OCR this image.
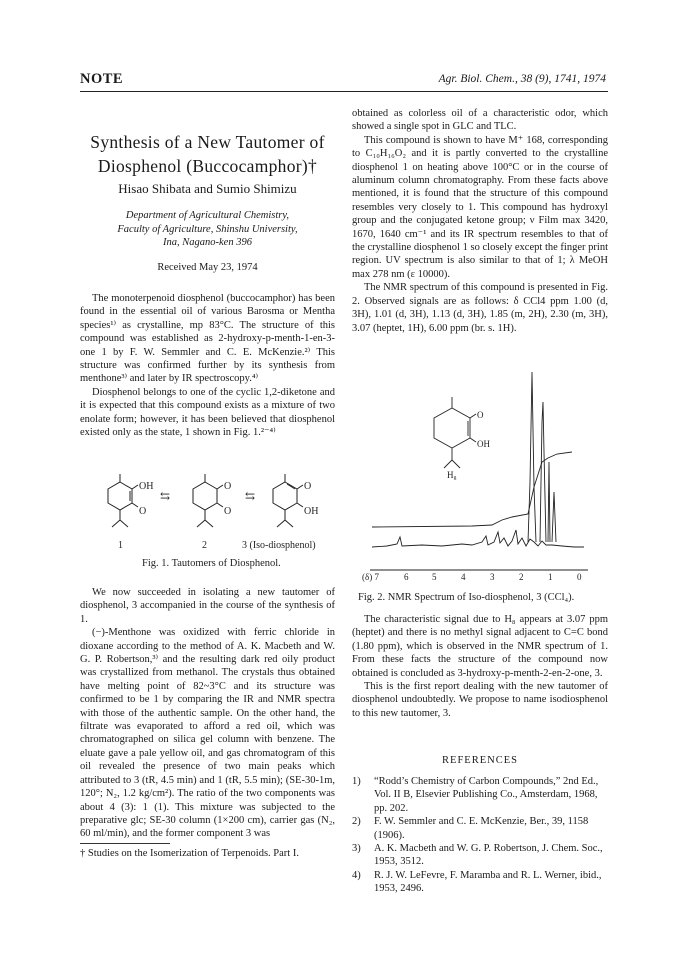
NOTE	Agr. Biol. Chem., 38 (9), 1741, 1974
Synthesis of a New Tautomer of
Diosphenol (Buccocamphor)†
Hisao Shibata and Sumio Shimizu
Department of Agricultural Chemistry,
Faculty of Agriculture, Shinshu University,
Ina, Nagano-ken 396
Received May 23, 1974

The monoterpenoid diosphenol (buccocamphor) has been found in the essential oil of various Barosma or Mentha species¹⁾ as crystalline, mp 83°C. The structure of this compound was established as 2-hydroxy-p-menth-1-en-3-one 1 by F. W. Semmler and C. E. McKenzie.²⁾ This structure was confirmed further by its synthesis from menthone³⁾ and later by IR spectroscopy.⁴⁾

Diosphenol belongs to one of the cyclic 1,2-diketone and it is expected that this compound exists as a mixture of two enolate form; however, it has been believed that diosphenol existed only as the state, 1 shown in Fig. 1.²⁻⁴⁾

OH
O
O
O
O
OH
⇆	⇆
1	2	3 (Iso-diosphenol)
Fig. 1. Tautomers of Diosphenol.

We now succeeded in isolating a new tautomer of diosphenol, 3 accompanied in the course of the synthesis of 1.

(−)-Menthone was oxidized with ferric chloride in dioxane according to the method of A. K. Macbeth and W. G. P. Robertson,³⁾ and the resulting dark red oily product was crystallized from methanol. The crystals thus obtained have melting point of 82~3°C and its structure was confirmed to be 1 by comparing the IR and NMR spectra with those of the authentic sample. On the other hand, the filtrate was evaporated to afford a red oil, which was chromatographed on silica gel column with benzene. The eluate gave a pale yellow oil, and gas chromatogram of this oil revealed the presence of two main peaks which attributed to 3 (tR, 4.5 min) and 1 (tR, 5.5 min); (SE-30-1m, 120°; N₂, 1.2 kg/cm²). The ratio of the two components was about 4 (3): 1 (1). This mixture was subjected to the preparative glc; SE-30 column (1×200 cm), carrier gas (N₂, 60 ml/min), and the former component 3 was

† Studies on the Isomerization of Terpenoids. Part I.

obtained as colorless oil of a characteristic odor, which showed a single spot in GLC and TLC.

This compound is shown to have M⁺ 168, corresponding to C₁₀H₁₆O₂ and it is partly converted to the crystalline diosphenol 1 on heating above 100°C or in the course of aluminum column chromatography. From these facts above mentioned, it is found that the structure of this compound resembles very closely to 1. This compound has hydroxyl group and the conjugated ketone group; ν Film max 3420, 1670, 1640 cm⁻¹ and its IR spectrum resembles to that of the crystalline diosphenol 1 so closely except the finger print region. UV spectrum is also similar to that of 1; λ MeOH max 278 nm (ε 10000).

The NMR spectrum of this compound is presented in Fig. 2. Observed signals are as follows: δ CCl4 ppm 1.00 (d, 3H), 1.01 (d, 3H), 1.13 (d, 3H), 1.85 (m, 2H), 2.30 (m, 3H), 3.07 (heptet, 1H), 6.00 ppm (br. s. 1H).

O
OH
H₈
(δ) 7	6	5	4	3	2	1	0
Fig. 2. NMR Spectrum of Iso-diosphenol, 3 (CCl₄).

The characteristic signal due to H₈ appears at 3.07 ppm (heptet) and there is no methyl signal adjacent to C=C bond (1.80 ppm), which is observed in the NMR spectrum of 1. From these facts the structure of the compound now obtained is concluded as 3-hydroxy-p-menth-2-en-2-one, 3.

This is the first report dealing with the new tautomer of diosphenol undoubtedly. We propose to name isodiosphenol to this new tautomer, 3.

REFERENCES
1)	“Rodd’s Chemistry of Carbon Compounds,” 2nd Ed., Vol. II B, Elsevier Publishing Co., Amsterdam, 1968, pp. 202.
2)	F. W. Semmler and C. E. McKenzie, Ber., 39, 1158 (1906).
3)	A. K. Macbeth and W. G. P. Robertson, J. Chem. Soc., 1953, 3512.
4)	R. J. W. LeFevre, F. Maramba and R. L. Werner, ibid., 1953, 2496.
